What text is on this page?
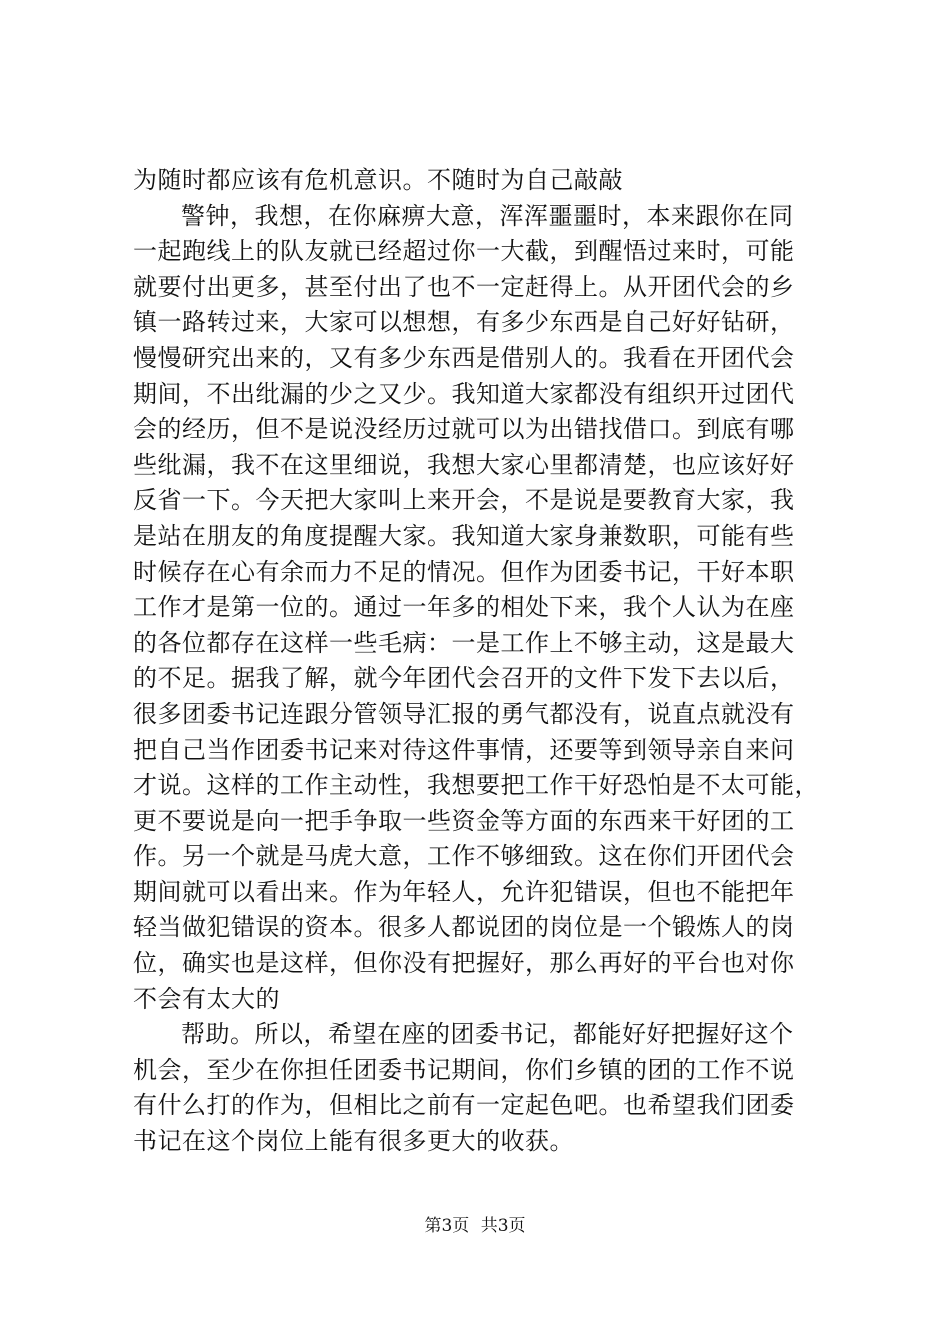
为随时都应该有危机意识。不随时为自己敲敲
警钟，我想，在你麻痹大意，浑浑噩噩时，本来跟你在同
一起跑线上的队友就已经超过你一大截，到醒悟过来时，可能
就要付出更多，甚至付出了也不一定赶得上。从开团代会的乡
镇一路转过来，大家可以想想，有多少东西是自己好好钻研，
慢慢研究出来的，又有多少东西是借别人的。我看在开团代会
期间，不出纰漏的少之又少。我知道大家都没有组织开过团代
会的经历，但不是说没经历过就可以为出错找借口。到底有哪
些纰漏，我不在这里细说，我想大家心里都清楚，也应该好好
反省一下。今天把大家叫上来开会，不是说是要教育大家，我
是站在朋友的角度提醒大家。我知道大家身兼数职，可能有些
时候存在心有余而力不足的情况。但作为团委书记，干好本职
工作才是第一位的。通过一年多的相处下来，我个人认为在座
的各位都存在这样一些毛病：一是工作上不够主动，这是最大
的不足。据我了解，就今年团代会召开的文件下发下去以后，
很多团委书记连跟分管领导汇报的勇气都没有，说直点就没有
把自己当作团委书记来对待这件事情，还要等到领导亲自来问
才说。这样的工作主动性，我想要把工作干好恐怕是不太可能，
更不要说是向一把手争取一些资金等方面的东西来干好团的工
作。另一个就是马虎大意，工作不够细致。这在你们开团代会
期间就可以看出来。作为年轻人，允许犯错误，但也不能把年
轻当做犯错误的资本。很多人都说团的岗位是一个锻炼人的岗
位，确实也是这样，但你没有把握好，那么再好的平台也对你
不会有太大的
帮助。所以，希望在座的团委书记，都能好好把握好这个
机会，至少在你担任团委书记期间，你们乡镇的团的工作不说
有什么打的作为，但相比之前有一定起色吧。也希望我们团委
书记在这个岗位上能有很多更大的收获。
第3页 共3页
